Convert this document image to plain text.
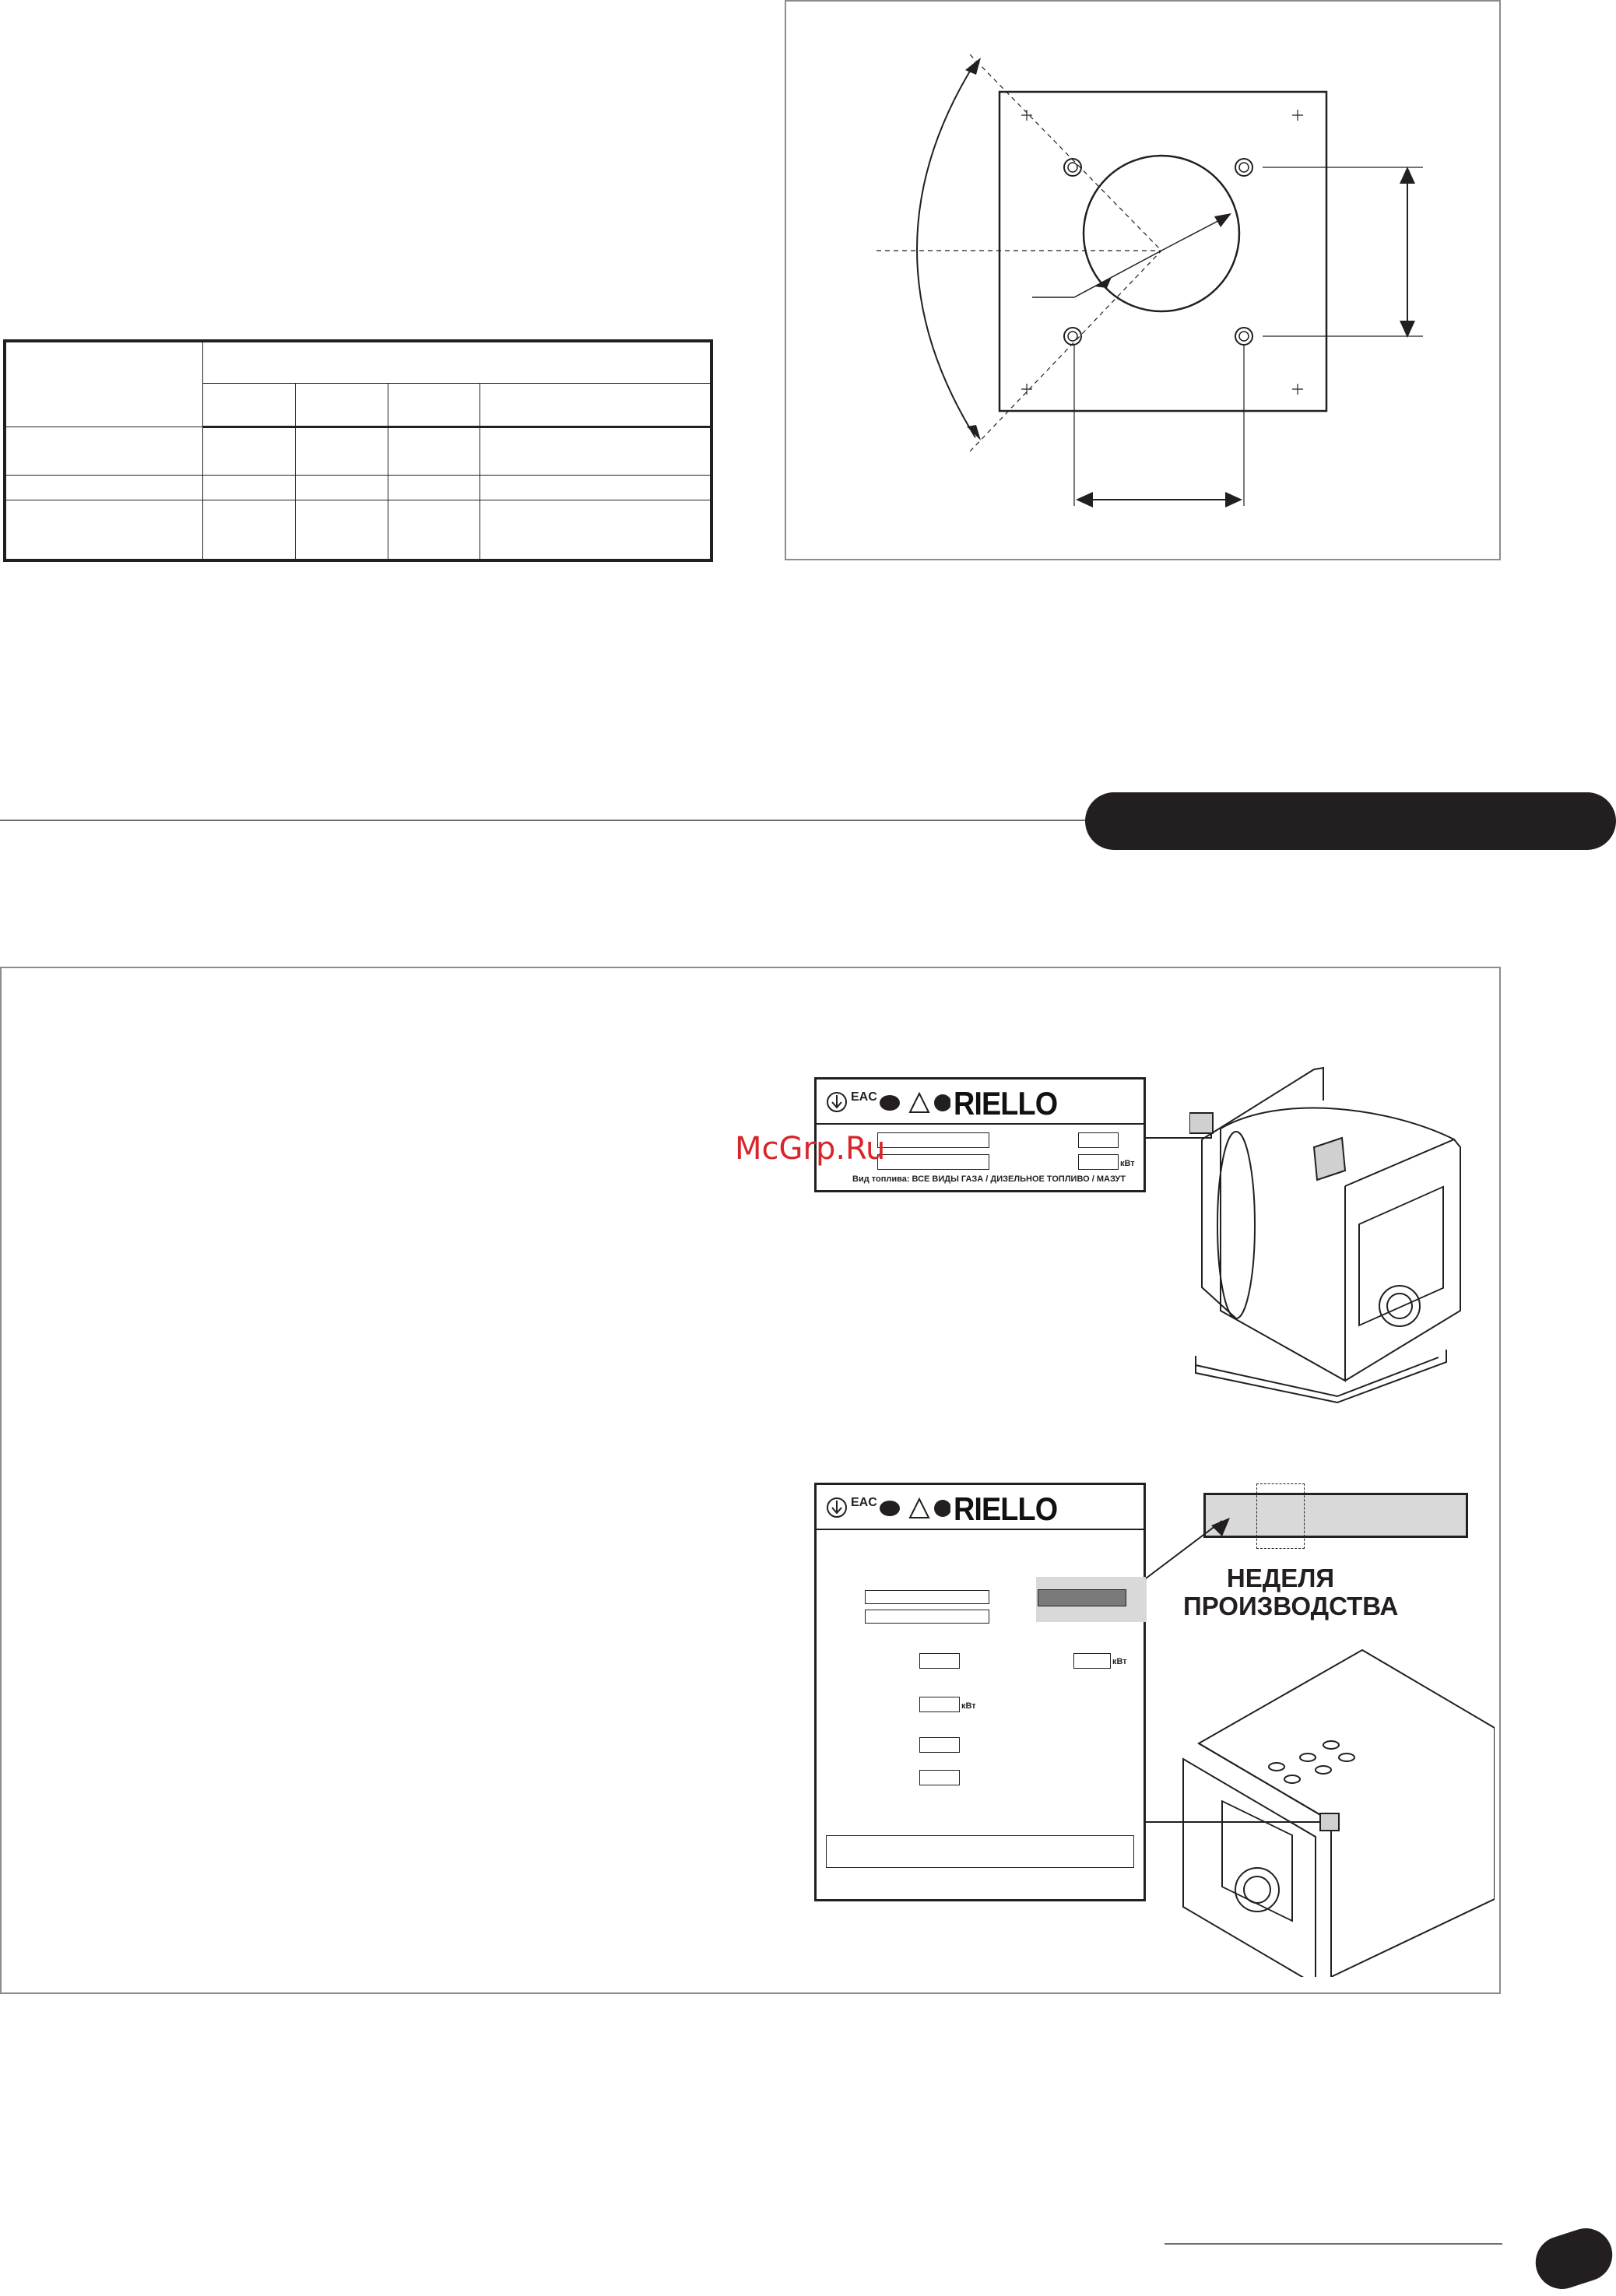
EAC RIELLO
кВт
Вид топлива: ВСЕ ВИДЫ ГАЗА / ДИЗЕЛЬНОЕ ТОПЛИВО / МАЗУТ
McGrp.Ru
EAC RIELLO
кВт
кВт
НЕДЕЛЯ
ПРОИЗВОДСТВА
